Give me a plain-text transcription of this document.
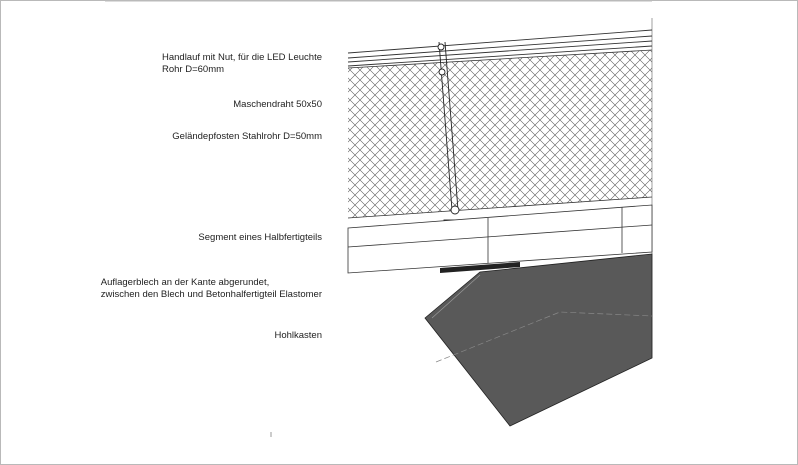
Handlauf mit Nut, für die LED Leuchte
Rohr D=60mm
Maschendraht 50x50
Geländepfosten Stahlrohr D=50mm
Segment eines Halbfertigteils
Auflagerblech an der Kante abgerundet,
zwischen den Blech und Betonhalfertigteil Elastomer
Hohlkasten
